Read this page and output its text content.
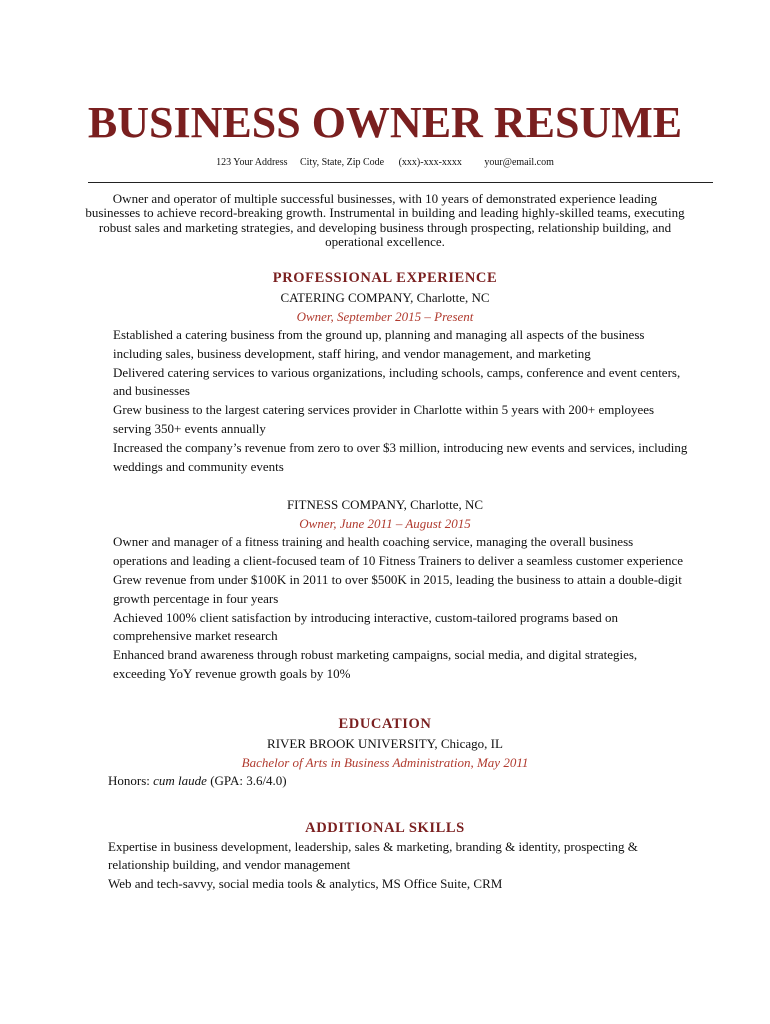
BUSINESS OWNER RESUME
123 Your Address City, State, Zip Code (xxx)-xxx-xxxx your@email.com
Owner and operator of multiple successful businesses, with 10 years of demonstrated experience leading businesses to achieve record-breaking growth. Instrumental in building and leading highly-skilled teams, executing robust sales and marketing strategies, and developing business through prospecting, relationship building, and operational excellence.
PROFESSIONAL EXPERIENCE
CATERING COMPANY, Charlotte, NC
Owner, September 2015 – Present
Established a catering business from the ground up, planning and managing all aspects of the business including sales, business development, staff hiring, and vendor management, and marketing
Delivered catering services to various organizations, including schools, camps, conference and event centers, and businesses
Grew business to the largest catering services provider in Charlotte within 5 years with 200+ employees serving 350+ events annually
Increased the company’s revenue from zero to over $3 million, introducing new events and services, including weddings and community events
FITNESS COMPANY, Charlotte, NC
Owner, June 2011 – August 2015
Owner and manager of a fitness training and health coaching service, managing the overall business operations and leading a client-focused team of 10 Fitness Trainers to deliver a seamless customer experience
Grew revenue from under $100K in 2011 to over $500K in 2015, leading the business to attain a double-digit growth percentage in four years
Achieved 100% client satisfaction by introducing interactive, custom-tailored programs based on comprehensive market research
Enhanced brand awareness through robust marketing campaigns, social media, and digital strategies, exceeding YoY revenue growth goals by 10%
EDUCATION
RIVER BROOK UNIVERSITY, Chicago, IL
Bachelor of Arts in Business Administration, May 2011
Honors: cum laude (GPA: 3.6/4.0)
ADDITIONAL SKILLS
Expertise in business development, leadership, sales & marketing, branding & identity, prospecting & relationship building, and vendor management
Web and tech-savvy, social media tools & analytics, MS Office Suite, CRM
